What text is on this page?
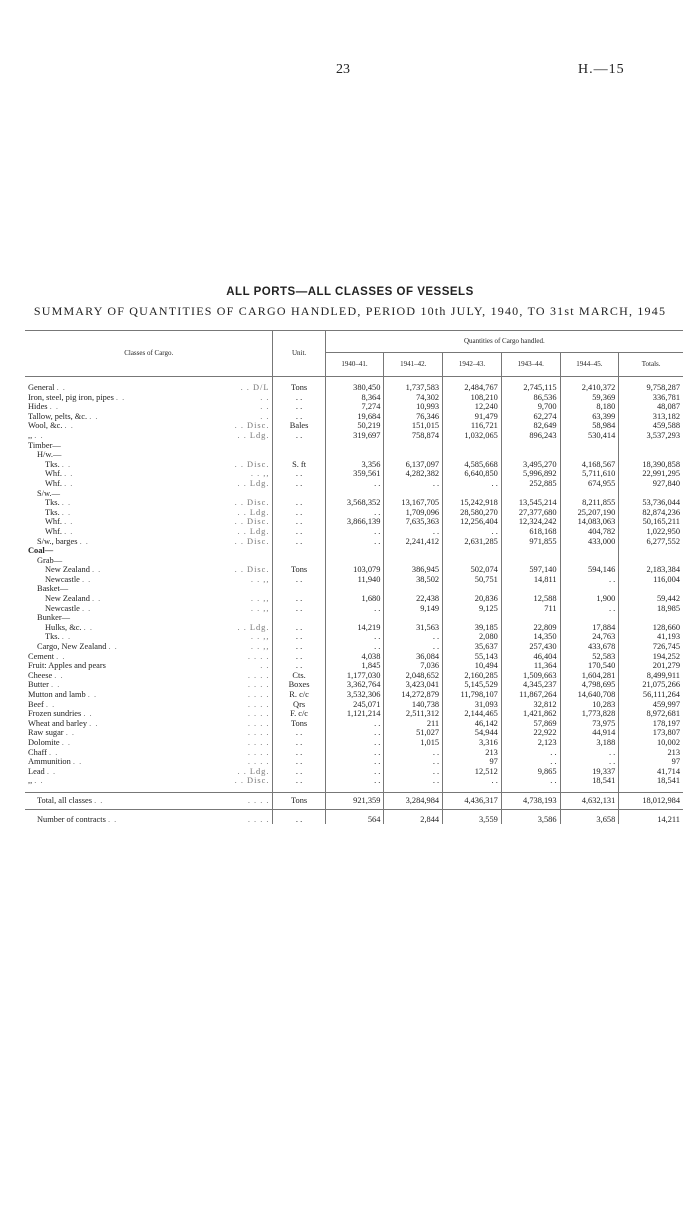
23	H.—15
ALL PORTS—ALL CLASSES OF VESSELS
SUMMARY OF QUANTITIES OF CARGO HANDLED, PERIOD 10th JULY, 1940, TO 31st MARCH, 1945
Classes of Cargo.	Unit.	Quantities of Cargo handled.					
		1940–41.	1941–42.	1942–43.	1943–44.	1944–45.	Totals.

General . . . . D/L	Tons	380,450	1,737,583	2,484,767	2,745,115	2,410,372	9,758,287
Iron, steel, pig iron, pipes . . . .	. .	8,364	74,302	108,210	86,536	59,369	336,781
Hides . . . .	. .	7,274	10,993	12,240	9,700	8,180	48,087
Tallow, pelts, &c. . . . .	. .	19,684	76,346	91,479	62,274	63,399	313,182
Wool, &c. . . . . Disc.	Bales	50,219	151,015	116,721	82,649	58,984	459,588
,, . . . . Ldg.	. .	319,697	758,874	1,032,065	896,243	530,414	3,537,293
Timber—

H/w.—

Tks. . . . . Disc.	S. ft	3,356	6,137,097	4,585,668	3,495,270	4,168,567	18,390,858
Whf. . . . . ,,	. .	359,561	4,282,382	6,640,850	5,996,892	5,711,610	22,991,295
Whf. . . . . Ldg.	. .	. .	. .	. .	252,885	674,955	927,840
S/w.—

Tks. . . . . Disc.	. .	3,568,352	13,167,705	15,242,918	13,545,214	8,211,855	53,736,044
Tks. . . . . Ldg.	. .	. .	1,709,096	28,580,270	27,377,680	25,207,190	82,874,236
Whf. . . . . Disc.	. .	3,866,139	7,635,363	12,256,404	12,324,242	14,083,063	50,165,211
Whf. . . . . Ldg.	. .	. .	. .	. .	618,168	404,782	1,022,950
S/w., barges . . . . Disc.	. .	. .	2,241,412	2,631,285	971,855	433,000	6,277,552
Coal—

Grab—

New Zealand . . . . Disc.	Tons	103,079	386,945	502,074	597,140	594,146	2,183,384
Newcastle . . . . ,,	. .	11,940	38,502	50,751	14,811	. .	116,004
Basket—

New Zealand . . . . ,,	. .	1,680	22,438	20,836	12,588	1,900	59,442
Newcastle . . . . ,,	. .	. .	9,149	9,125	711	. .	18,985
Bunker—

Hulks, &c. . . . . Ldg.	. .	14,219	31,563	39,185	22,809	17,884	128,660
Tks. . . . . ,,	. .	. .	. .	2,080	14,350	24,763	41,193
Cargo, New Zealand . . . . ,,	. .	. .	. .	35,637	257,430	433,678	726,745
Cement . . . . . .	. .	4,038	36,084	55,143	46,404	52,583	194,252
Fruit: Apples and pears . .	. .	1,845	7,036	10,494	11,364	170,540	201,279
Cheese . . . . . .	Cts.	1,177,030	2,048,652	2,160,285	1,509,663	1,604,281	8,499,911
Butter . . . . . .	Boxes	3,362,764	3,423,041	5,145,529	4,345,237	4,798,695	21,075,266
Mutton and lamb . . . . . .	R. c/c	3,532,306	14,272,879	11,798,107	11,867,264	14,640,708	56,111,264
Beef . . . . . .	Qrs	245,071	140,738	31,093	32,812	10,283	459,997
Frozen sundries . . . . . .	F. c/c	1,121,214	2,511,312	2,144,465	1,421,862	1,773,828	8,972,681
Wheat and barley . . . . . .	Tons	. .	211	46,142	57,869	73,975	178,197
Raw sugar . . . . . .	. .	. .	51,027	54,944	22,922	44,914	173,807
Dolomite . . . . . .	. .	. .	1,015	3,316	2,123	3,188	10,002
Chaff . . . . . .	. .	. .	. .	213	. .	. .	213
Ammunition . . . . . .	. .	. .	. .	97	. .	. .	97
Lead . . . . Ldg.	. .	. .	. .	12,512	9,865	19,337	41,714
,, . . . . Disc.	. .	. .	. .	. .	. .	18,541	18,541

Total, all classes . . . . . .	Tons	921,359	3,284,984	4,436,317	4,738,193	4,632,131	18,012,984
Number of contracts . . . . . .	. .	564	2,844	3,559	3,586	3,658	14,211
